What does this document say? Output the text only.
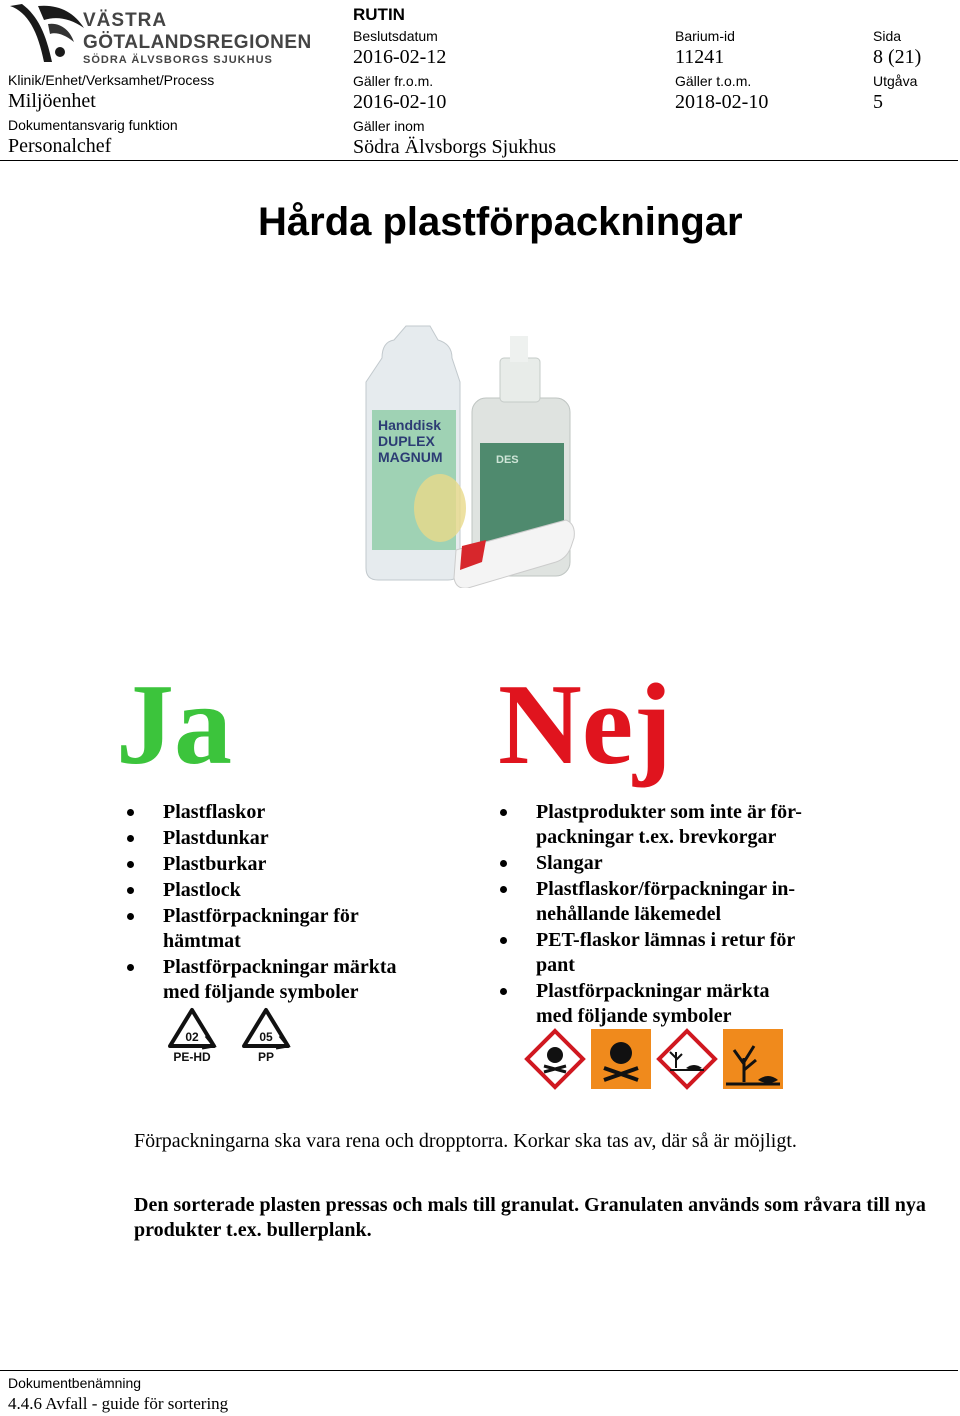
VÄSTRA
GÖTALANDSREGIONEN
SÖDRA ÄLVSBORGS SJUKHUS
Klinik/Enhet/Verksamhet/Process
Miljöenhet
Dokumentansvarig funktion
Personalchef
RUTIN
Beslutsdatum
2016-02-12
Gäller fr.o.m.
2016-02-10
Gäller inom
Södra Älvsborgs Sjukhus
Barium-id
11241
Gäller t.o.m.
2018-02-10
Sida
8 (21)
Utgåva
5
Hårda plastförpackningar
DES
Handdisk
DUPLEX
MAGNUM
Ja
Plastflaskor
Plastdunkar
Plastburkar
Plastlock
Plastförpackningar för hämtmat
Plastförpackningar märkta med följande symboler
02
PE-HD
05
PP
Nej
Plastprodukter som inte är för-packningar t.ex. brevkorgar
Slangar
Plastflaskor/förpackningar in-nehållande läkemedel
PET-flaskor lämnas i retur för pant
Plastförpackningar märkta med följande symboler
Förpackningarna ska vara rena och dropptorra. Korkar ska tas av, där så är möjligt.
Den sorterade plasten pressas och mals till granulat. Granulaten används som råvara till nya produkter t.ex. bullerplank.
Dokumentbenämning
4.4.6 Avfall - guide för sortering
